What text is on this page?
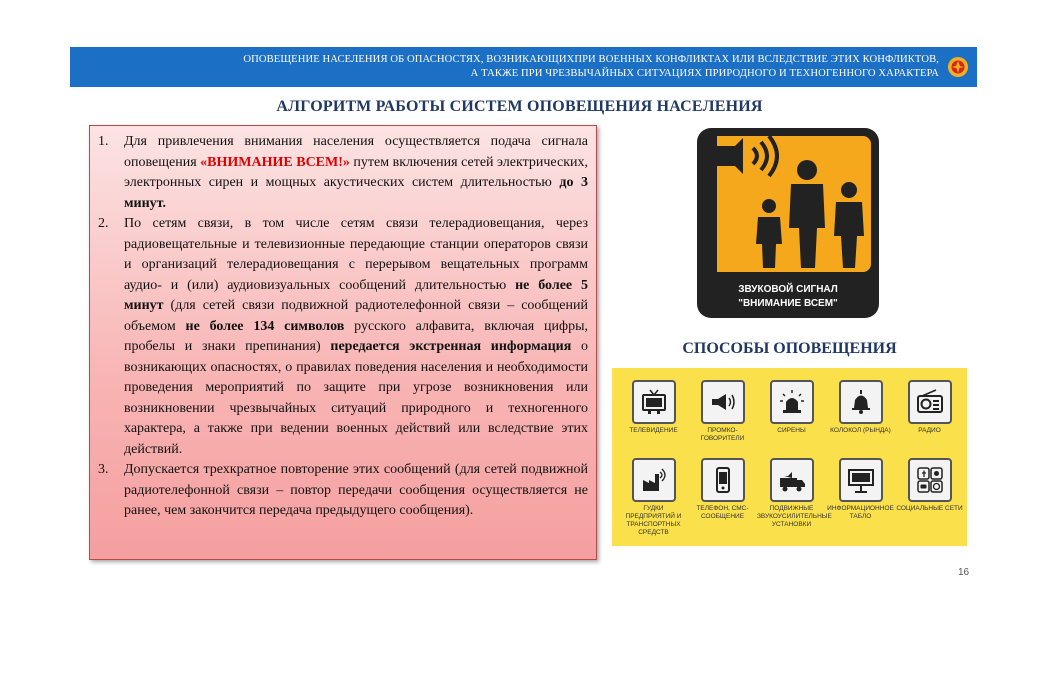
ОПОВЕЩЕНИЕ НАСЕЛЕНИЯ ОБ ОПАСНОСТЯХ, ВОЗНИКАЮЩИХПРИ ВОЕННЫХ КОНФЛИКТАХ ИЛИ ВСЛЕДСТВИЕ ЭТИХ КОНФЛИКТОВ,
А ТАКЖЕ ПРИ ЧРЕЗВЫЧАЙНЫХ СИТУАЦИЯХ ПРИРОДНОГО И ТЕХНОГЕННОГО ХАРАКТЕРА
АЛГОРИТМ РАБОТЫ СИСТЕМ ОПОВЕЩЕНИЯ НАСЕЛЕНИЯ
1. Для привлечения внимания населения осуществляется подача сигнала оповещения «ВНИМАНИЕ ВСЕМ!» путем включения сетей электрических, электронных сирен и мощных акустических систем длительностью до 3 минут.
2. По сетям связи, в том числе сетям связи телерадиовещания, через радиовещательные и телевизионные передающие станции операторов связи и организаций телерадиовещания с перерывом вещательных программ аудио- и (или) аудиовизуальных сообщений длительностью не более 5 минут (для сетей связи подвижной радиотелефонной связи – сообщений объемом не более 134 символов русского алфавита, включая цифры, пробелы и знаки препинания) передается экстренная информация о возникающих опасностях, о правилах поведения населения и необходимости проведения мероприятий по защите при угрозе возникновения или возникновении чрезвычайных ситуаций природного и техногенного характера, а также при ведении военных действий или вследствие этих действий.
3. Допускается трехкратное повторение этих сообщений (для сетей подвижной радиотелефонной связи – повтор передачи сообщения осуществляется не ранее, чем закончится передача предыдущего сообщения).
ЗВУКОВОЙ СИГНАЛ
"ВНИМАНИЕ ВСЕМ"
СПОСОБЫ ОПОВЕЩЕНИЯ
ТЕЛЕВИДЕНИЕ	ПРОМКО-ГОВОРИТЕЛИ
СИРЕНЫ	КОЛОКОЛ (РЫНДА)	РАДИО
ГУДКИ ПРЕДПРИЯТИЙ И ТРАНСПОРТНЫХ СРЕДСТВ
ТЕЛЕФОН, СМС-СООБЩЕНИЕ
ПОДВИЖНЫЕ ЗВУКОУСИЛИТЕЛЬНЫЕ УСТАНОВКИ
ИНФОРМАЦИОННОЕ ТАБЛО
СОЦИАЛЬНЫЕ СЕТИ
16
